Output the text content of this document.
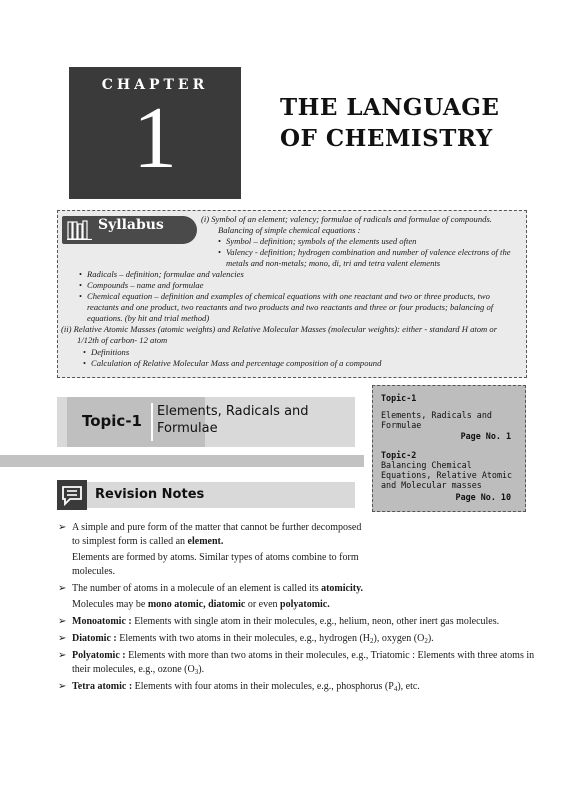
CHAPTER
1	THE LANGUAGE
OF CHEMISTRY
Syllabus	(i) Symbol of an element; valency; formulae of radicals and formulae of compounds.
Balancing of simple chemical equations :
• Symbol – definition; symbols of the elements used often
• Valency - definition; hydrogen combination and number of valence electrons of the
metals and non-metals; mono, di, tri and tetra valent elements
• Radicals – definition; formulae and valencies
• Compounds – name and formulae
• Chemical equation – definition and examples of chemical equations with one reactant and two or three products, two
reactants and one product, two reactants and two products and two reactants and three or four products; balancing of
equations. (by hit and trial method)
(ii) Relative Atomic Masses (atomic weights) and Relative Molecular Masses (molecular weights): either - standard H atom or
1/12th of carbon- 12 atom
• Definitions
• Calculation of Relative Molecular Mass and percentage composition of a compound
Topic-1
Elements, Radicals and
Formulae
Topic-1
Elements, Radicals and
Formulae
Page No. 1
Topic-2
Balancing Chemical
Equations, Relative Atomic
and Molecular masses
Page No. 10
Revision Notes
➢ A simple and pure form of the matter that cannot be further decomposed
to simplest form is called an element.
Elements are formed by atoms. Similar types of atoms combine to form
molecules.
➢ The number of atoms in a molecule of an element is called its atomicity.
Molecules may be mono atomic, diatomic or even polyatomic.
➢ Monoatomic : Elements with single atom in their molecules, e.g., helium, neon, other inert gas molecules.
➢ Diatomic : Elements with two atoms in their molecules, e.g., hydrogen $(H_2)$, oxygen $(O_2)$.
➢ Polyatomic : Elements with more than two atoms in their molecules, e.g., Triatomic : Elements with three atoms in
their molecules, e.g., ozone $(O_3)$.
➢ Tetra atomic : Elements with four atoms in their molecules, e.g., phosphorus $(P_4)$, etc.
